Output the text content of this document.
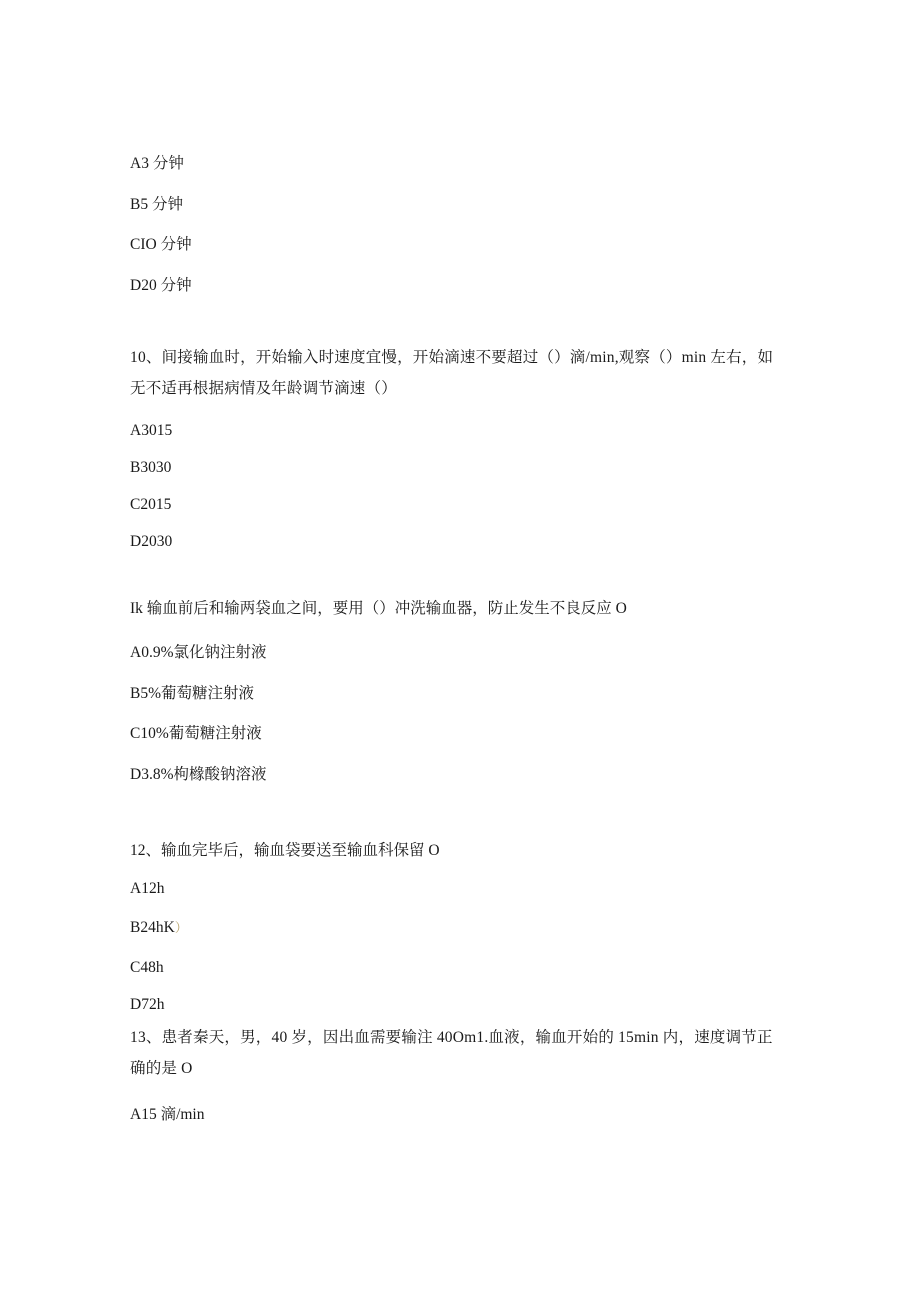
A3 分钟
B5 分钟
CIO 分钟
D20 分钟
10、间接输血时，开始输入时速度宜慢，开始滴速不要超过（）滴/min,观察（）min 左右，如无不适再根据病情及年龄调节滴速（）
A3015
B3030
C2015
D2030
Ik 输血前后和输两袋血之间，要用（）冲洗输血器，防止发生不良反应 O
A0.9%氯化钠注射液
B5%葡萄糖注射液
C10%葡萄糖注射液
D3.8%枸橼酸钠溶液
12、输血完毕后，输血袋要送至输血科保留 O
A12h
B24hK）
C48h
D72h
13、患者秦天，男，40 岁，因出血需要输注 40Om1.血液，输血开始的 15min 内，速度调节正确的是 O
A15 滴/min
